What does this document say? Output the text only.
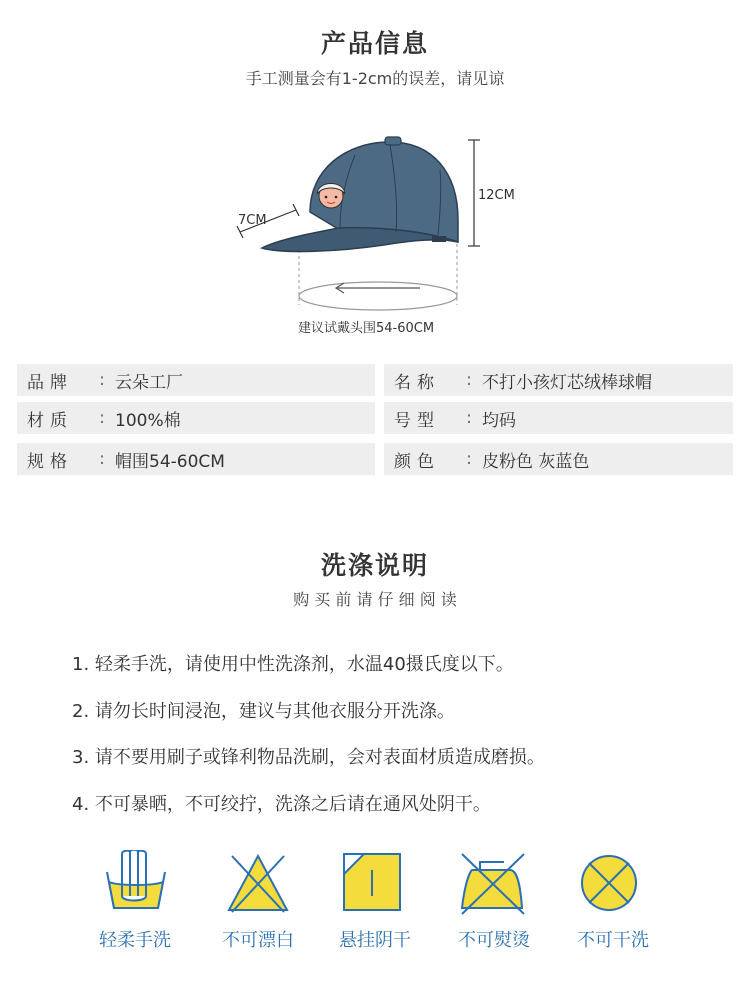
产品信息
手工测量会有1-2cm的误差，请见谅
12CM
7CM
建议试戴头围54-60CM
品牌	: 云朵工厂	名称	: 不打小孩灯芯绒棒球帽
材质	: 100%棉	号型	: 均码
规格	: 帽围54-60CM	颜色	: 皮粉色 灰蓝色
洗涤说明
购 买 前 请 仔 细 阅 读
1. 轻柔手洗，请使用中性洗涤剂，水温40摄氏度以下。
2. 请勿长时间浸泡，建议与其他衣服分开洗涤。
3. 请不要用刷子或锋利物品洗刷，会对表面材质造成磨损。
4. 不可暴晒，不可绞拧，洗涤之后请在通风处阴干。
轻柔手洗	不可漂白	悬挂阴干	不可熨烫	不可干洗
